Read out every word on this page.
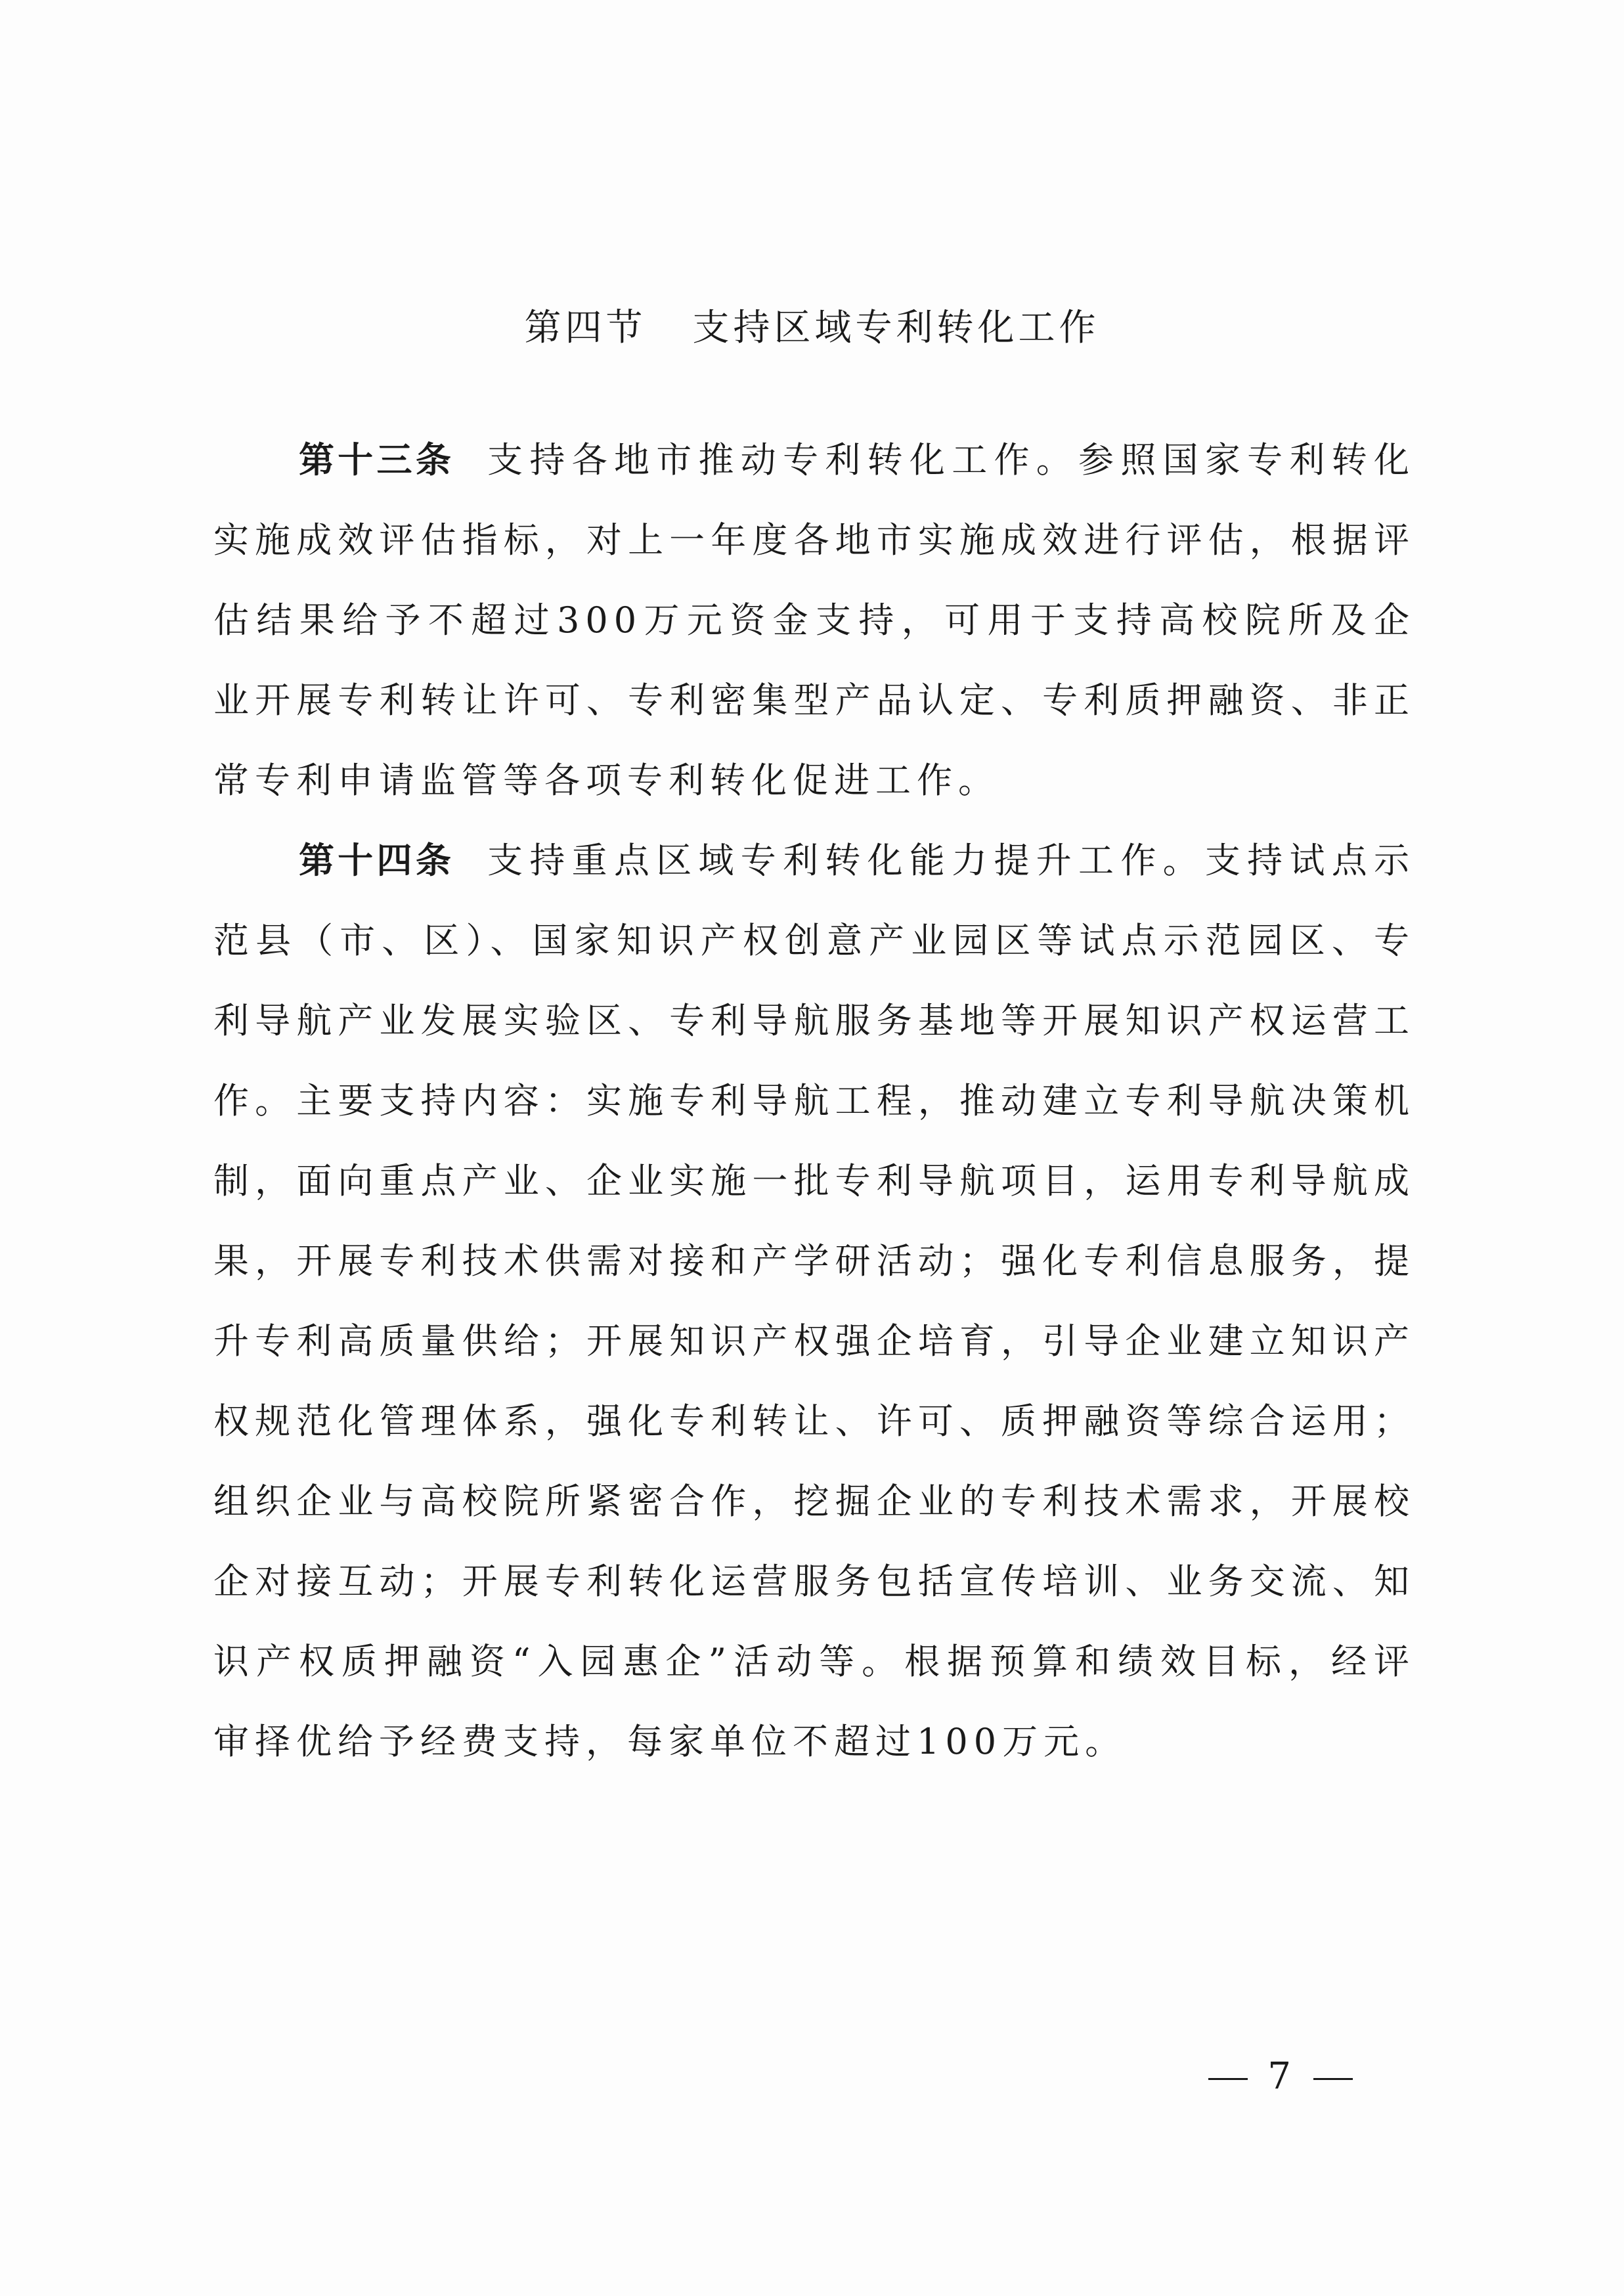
第四节 支持区域专利转化工作

第十三条 支持各地市推动专利转化工作。参照国家专利转化实施成效评估指标，对上一年度各地市实施成效进行评估，根据评估结果给予不超过300万元资金支持，可用于支持高校院所及企业开展专利转让许可、专利密集型产品认定、专利质押融资、非正常专利申请监管等各项专利转化促进工作。

第十四条 支持重点区域专利转化能力提升工作。支持试点示范县（市、区）、国家知识产权创意产业园区等试点示范园区、专利导航产业发展实验区、专利导航服务基地等开展知识产权运营工作。主要支持内容：实施专利导航工程，推动建立专利导航决策机制，面向重点产业、企业实施一批专利导航项目，运用专利导航成果，开展专利技术供需对接和产学研活动；强化专利信息服务，提升专利高质量供给；开展知识产权强企培育，引导企业建立知识产权规范化管理体系，强化专利转让、许可、质押融资等综合运用；组织企业与高校院所紧密合作，挖掘企业的专利技术需求，开展校企对接互动；开展专利转化运营服务包括宣传培训、业务交流、知识产权质押融资“入园惠企”活动等。根据预算和绩效目标，经评审择优给予经费支持，每家单位不超过100万元。

7
